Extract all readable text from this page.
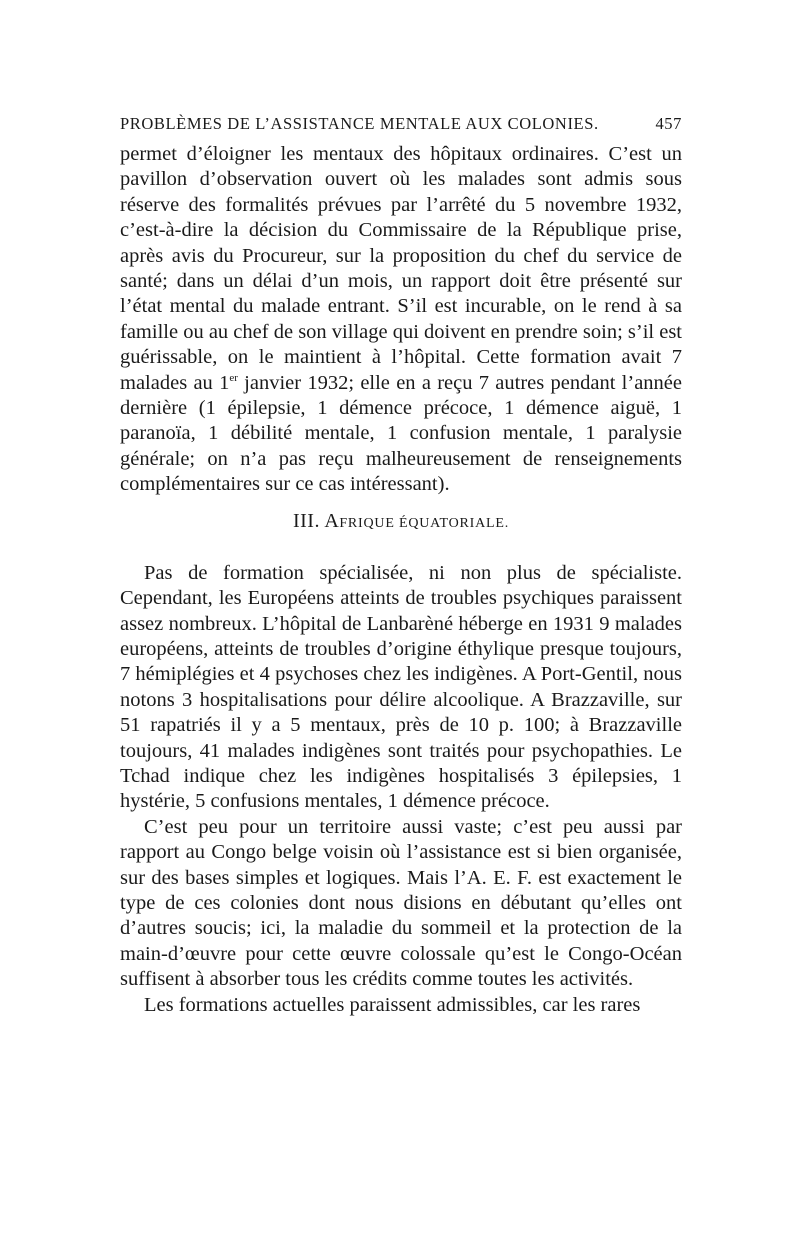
PROBLÈMES DE L’ASSISTANCE MENTALE AUX COLONIES.	457

permet d’éloigner les mentaux des hôpitaux ordinaires. C’est un pavillon d’observation ouvert où les malades sont admis sous réserve des formalités prévues par l’arrêté du 5 novembre 1932, c’est-à-dire la décision du Commissaire de la République prise, après avis du Procureur, sur la proposition du chef du service de santé; dans un délai d’un mois, un rapport doit être présenté sur l’état mental du malade entrant. S’il est incurable, on le rend à sa famille ou au chef de son village qui doivent en prendre soin; s’il est guérissable, on le maintient à l’hôpital. Cette formation avait 7 malades au 1er janvier 1932; elle en a reçu 7 autres pendant l’année dernière (1 épilepsie, 1 démence précoce, 1 démence aiguë, 1 paranoïa, 1 débilité mentale, 1 confusion mentale, 1 paralysie générale; on n’a pas reçu malheureusement de renseignements complémentaires sur ce cas intéressant).

III. AFRIQUE ÉQUATORIALE.

Pas de formation spécialisée, ni non plus de spécialiste. Cependant, les Européens atteints de troubles psychiques paraissent assez nombreux. L’hôpital de Lanbarèné héberge en 1931 9 malades européens, atteints de troubles d’origine éthylique presque toujours, 7 hémiplégies et 4 psychoses chez les indigènes. A Port-Gentil, nous notons 3 hospitalisations pour délire alcoolique. A Brazzaville, sur 51 rapatriés il y a 5 mentaux, près de 10 p. 100; à Brazzaville toujours, 41 malades indigènes sont traités pour psychopathies. Le Tchad indique chez les indigènes hospitalisés 3 épilepsies, 1 hystérie, 5 confusions mentales, 1 démence précoce.

C’est peu pour un territoire aussi vaste; c’est peu aussi par rapport au Congo belge voisin où l’assistance est si bien organisée, sur des bases simples et logiques. Mais l’A. E. F. est exactement le type de ces colonies dont nous disions en débutant qu’elles ont d’autres soucis; ici, la maladie du sommeil et la protection de la main-d’œuvre pour cette œuvre colossale qu’est le Congo-Océan suffisent à absorber tous les crédits comme toutes les activités.

Les formations actuelles paraissent admissibles, car les rares
